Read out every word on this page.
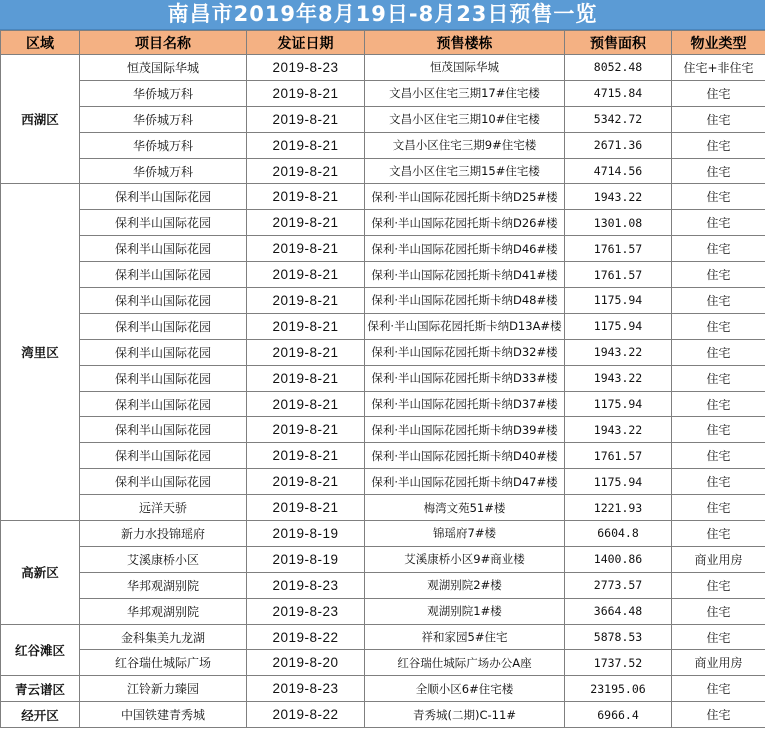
南昌市2019年8月19日-8月23日预售一览
区域	项目名称	发证日期	预售楼栋	预售面积	物业类型
西湖区	恒茂国际华城	2019-8-23	恒茂国际华城	8052.48	住宅+非住宅
	华侨城万科	2019-8-21	文昌小区住宅三期17#住宅楼	4715.84	住宅
	华侨城万科	2019-8-21	文昌小区住宅三期10#住宅楼	5342.72	住宅
	华侨城万科	2019-8-21	文昌小区住宅三期9#住宅楼	2671.36	住宅
	华侨城万科	2019-8-21	文昌小区住宅三期15#住宅楼	4714.56	住宅
湾里区	保利半山国际花园	2019-8-21	保利·半山国际花园托斯卡纳D25#楼	1943.22	住宅
	保利半山国际花园	2019-8-21	保利·半山国际花园托斯卡纳D26#楼	1301.08	住宅
	保利半山国际花园	2019-8-21	保利·半山国际花园托斯卡纳D46#楼	1761.57	住宅
	保利半山国际花园	2019-8-21	保利·半山国际花园托斯卡纳D41#楼	1761.57	住宅
	保利半山国际花园	2019-8-21	保利·半山国际花园托斯卡纳D48#楼	1175.94	住宅
	保利半山国际花园	2019-8-21	保利·半山国际花园托斯卡纳D13A#楼	1175.94	住宅
	保利半山国际花园	2019-8-21	保利·半山国际花园托斯卡纳D32#楼	1943.22	住宅
	保利半山国际花园	2019-8-21	保利·半山国际花园托斯卡纳D33#楼	1943.22	住宅
	保利半山国际花园	2019-8-21	保利·半山国际花园托斯卡纳D37#楼	1175.94	住宅
	保利半山国际花园	2019-8-21	保利·半山国际花园托斯卡纳D39#楼	1943.22	住宅
	保利半山国际花园	2019-8-21	保利·半山国际花园托斯卡纳D40#楼	1761.57	住宅
	保利半山国际花园	2019-8-21	保利·半山国际花园托斯卡纳D47#楼	1175.94	住宅
	远洋天骄	2019-8-21	梅湾文苑51#楼	1221.93	住宅
高新区	新力水投锦瑶府	2019-8-19	锦瑶府7#楼	6604.8	住宅
	艾溪康桥小区	2019-8-19	艾溪康桥小区9#商业楼	1400.86	商业用房
	华邦观湖别院	2019-8-23	观湖别院2#楼	2773.57	住宅
	华邦观湖别院	2019-8-23	观湖别院1#楼	3664.48	住宅
红谷滩区	金科集美九龙湖	2019-8-22	祥和家园5#住宅	5878.53	住宅
	红谷瑞仕城际广场	2019-8-20	红谷瑞仕城际广场办公A座	1737.52	商业用房
青云谱区	江铃新力臻园	2019-8-23	全顺小区6#住宅楼	23195.06	住宅
经开区	中国铁建青秀城	2019-8-22	青秀城(二期)C-11#	6966.4	住宅
